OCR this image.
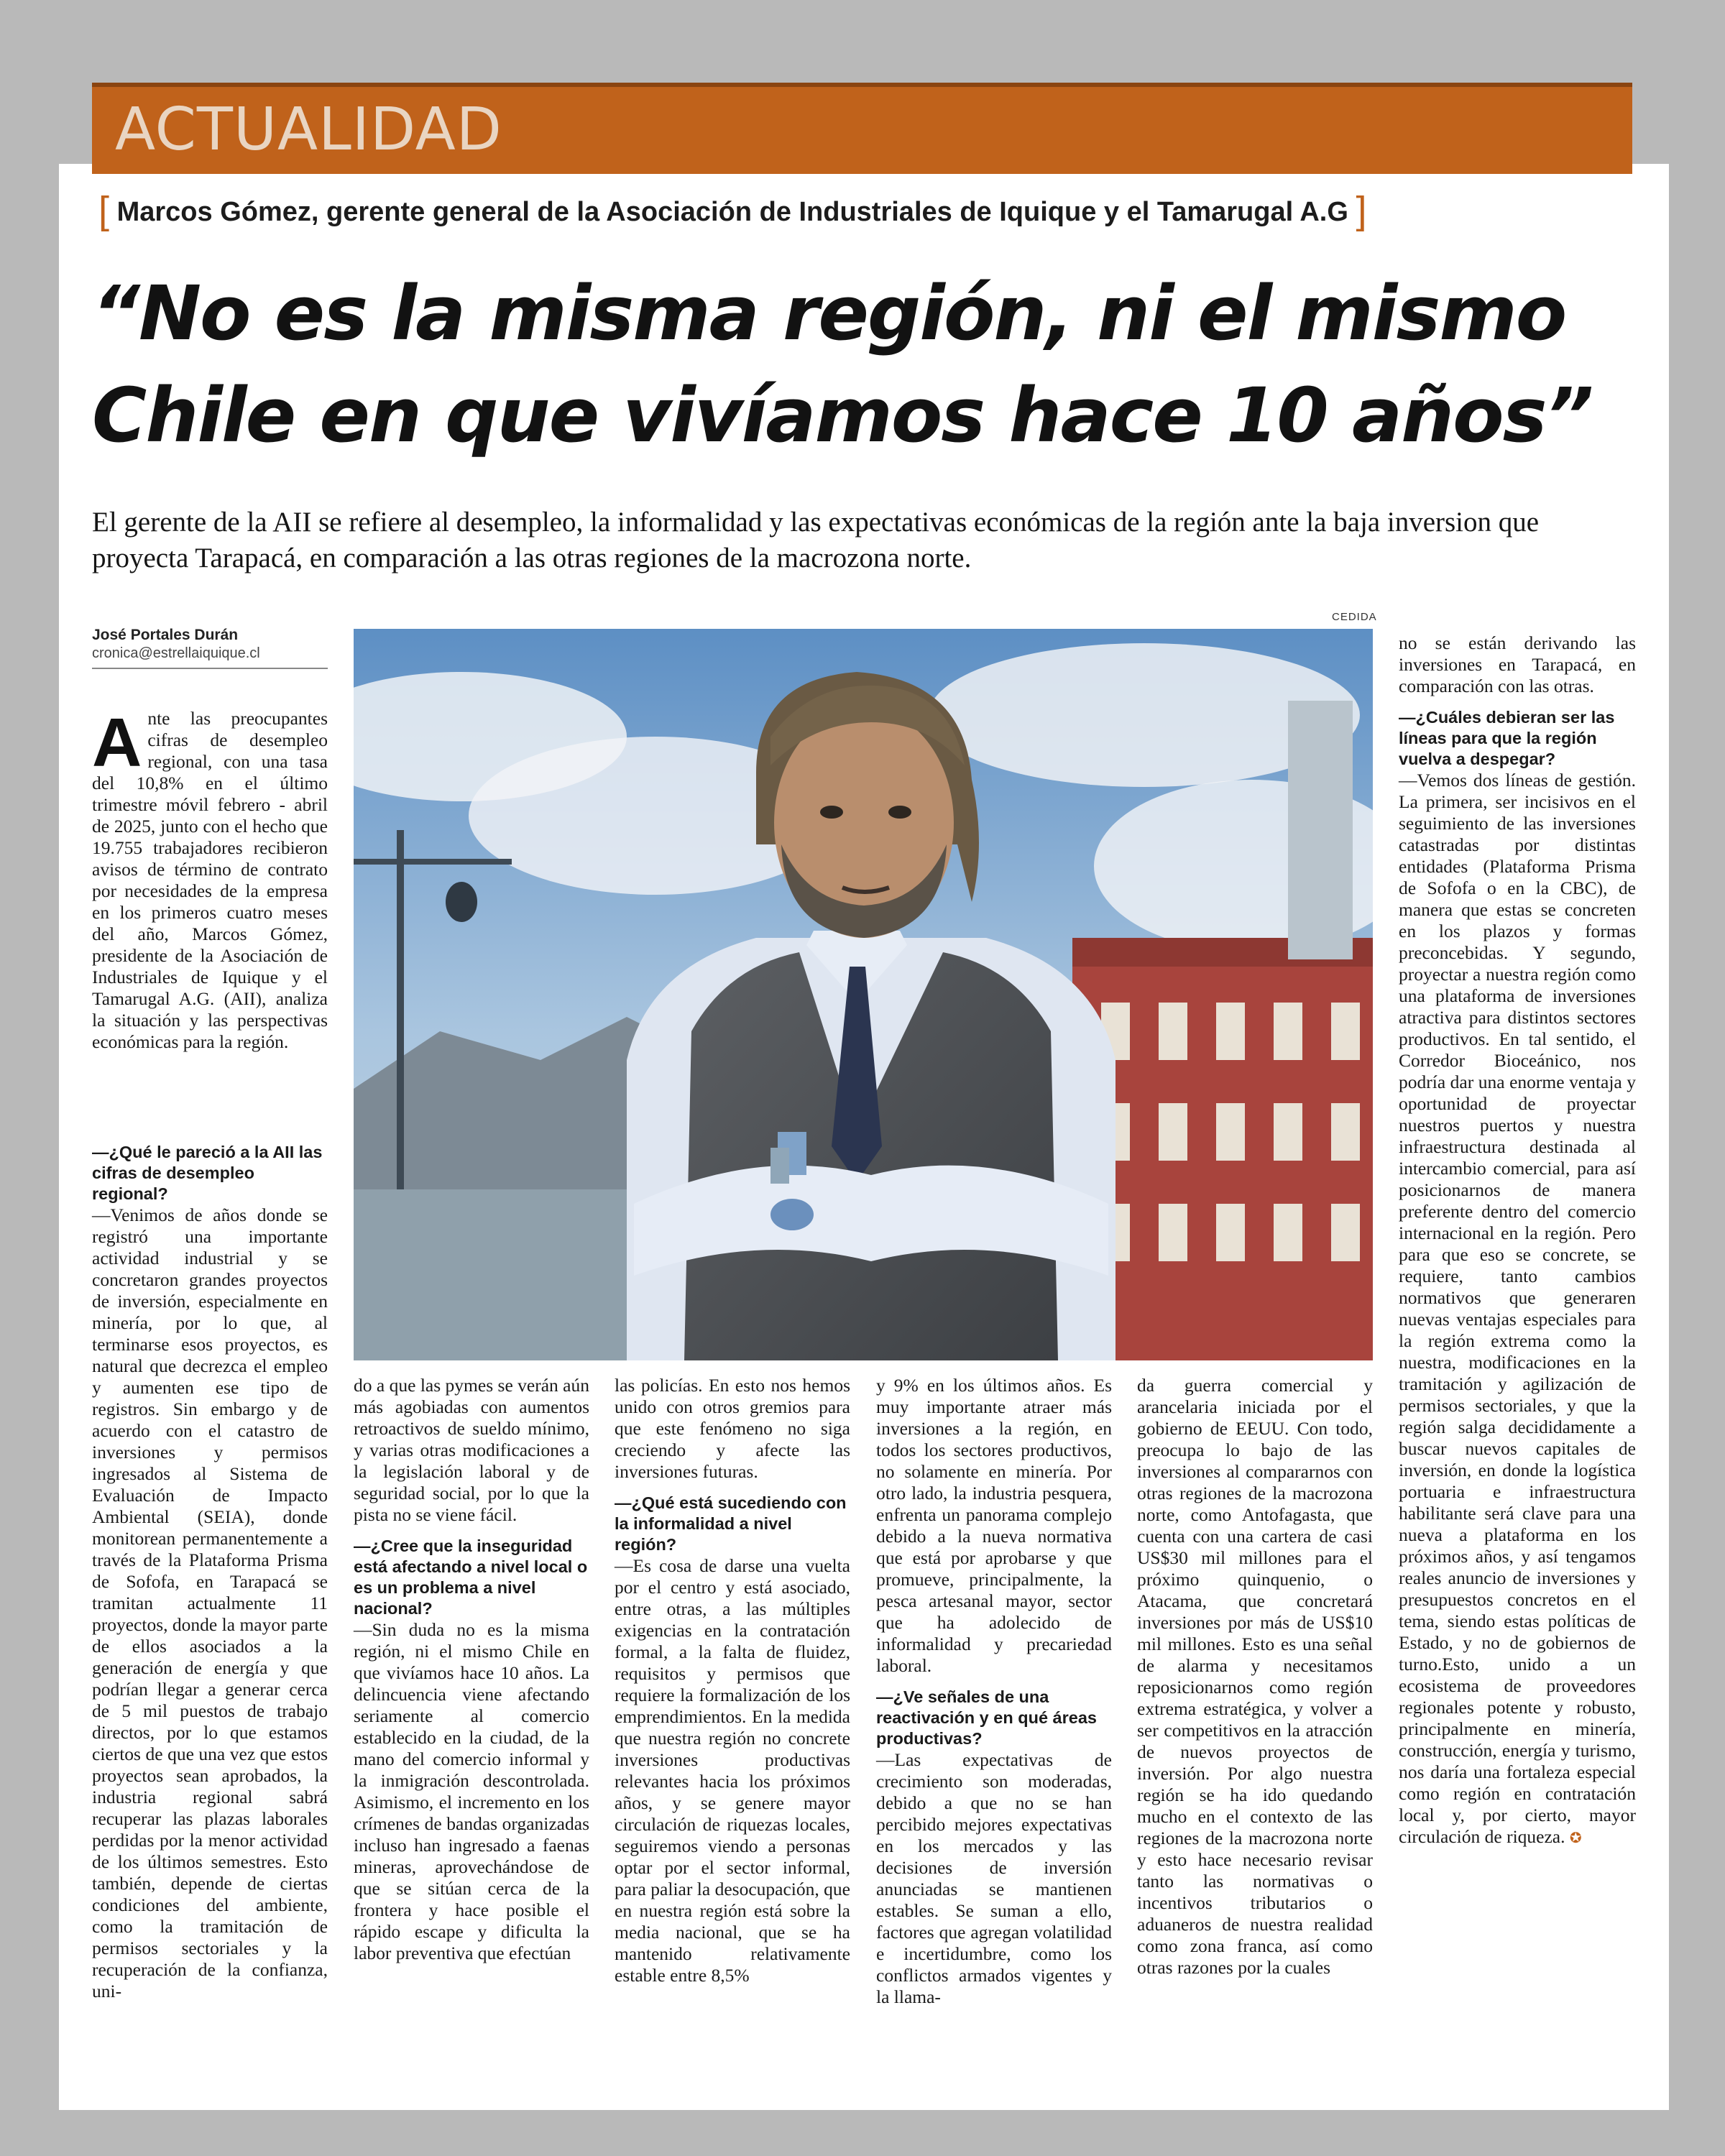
ACTUALIDAD
[ Marcos Gómez, gerente general de la Asociación de Industriales de Iquique y el Tamarugal A.G ]
“No es la misma región, ni el mismo Chile en que vivíamos hace 10 años”
El gerente de la AII se refiere al desempleo, la informalidad y las expectativas económicas de la región ante la baja inversion que proyecta Tarapacá, en comparación a las otras regiones de la macrozona norte.
José Portales Durán
cronica@estrellaiquique.cl
CEDIDA
A nte las preocupantes cifras de desempleo regional, con una tasa del 10,8% en el último trimestre móvil febrero - abril de 2025, junto con el hecho que 19.755 trabajadores recibieron avisos de término de contrato por necesidades de la empresa en los primeros cuatro meses del año, Marcos Gómez, presidente de la Asociación de Industriales de Iquique y el Tamarugal A.G. (AII), analiza la situación y las perspectivas económicas para la región.

—¿Qué le pareció a la AII las cifras de desempleo regional?

—Venimos de años donde se registró una importante actividad industrial y se concretaron grandes proyectos de inversión, especialmente en minería, por lo que, al terminarse esos proyectos, es natural que decrezca el empleo y aumenten ese tipo de registros. Sin embargo y de acuerdo con el catastro de inversiones y permisos ingresados al Sistema de Evaluación de Impacto Ambiental (SEIA), donde monitorean permanentemente a través de la Plataforma Prisma de Sofofa, en Tarapacá se tramitan actualmente 11 proyectos, donde la mayor parte de ellos asociados a la generación de energía y que podrían llegar a generar cerca de 5 mil puestos de trabajo directos, por lo que estamos ciertos de que una vez que estos proyectos sean aprobados, la industria regional sabrá recuperar las plazas laborales perdidas por la menor actividad de los últimos semestres. Esto también, depende de ciertas condiciones del ambiente, como la tramitación de permisos sectoriales y la recuperación de la confianza, uni-

do a que las pymes se verán aún más agobiadas con aumentos retroactivos de sueldo mínimo, y varias otras modificaciones a la legislación laboral y de seguridad social, por lo que la pista no se viene fácil.

—¿Cree que la inseguridad está afectando a nivel local o es un problema a nivel nacional?

—Sin duda no es la misma región, ni el mismo Chile en que vivíamos hace 10 años. La delincuencia viene afectando seriamente al comercio establecido en la ciudad, de la mano del comercio informal y la inmigración descontrolada. Asimismo, el incremento en los crímenes de bandas organizadas incluso han ingresado a faenas mineras, aprovechándose de que se sitúan cerca de la frontera y hace posible el rápido escape y dificulta la labor preventiva que efectúan

las policías. En esto nos hemos unido con otros gremios para que este fenómeno no siga creciendo y afecte las inversiones futuras.

—¿Qué está sucediendo con la informalidad a nivel región?

—Es cosa de darse una vuelta por el centro y está asociado, entre otras, a las múltiples exigencias en la contratación formal, a la falta de fluidez, requisitos y permisos que requiere la formalización de los emprendimientos. En la medida que nuestra región no concrete inversiones productivas relevantes hacia los próximos años, y se genere mayor circulación de riquezas locales, seguiremos viendo a personas optar por el sector informal, para paliar la desocupación, que en nuestra región está sobre la media nacional, que se ha mantenido relativamente estable entre 8,5%

y 9% en los últimos años. Es muy importante atraer más inversiones a la región, en todos los sectores productivos, no solamente en minería. Por otro lado, la industria pesquera, enfrenta un panorama complejo debido a la nueva normativa que está por aprobarse y que promueve, principalmente, la pesca artesanal mayor, sector que ha adolecido de informalidad y precariedad laboral.

—¿Ve señales de una reactivación y en qué áreas productivas?

—Las expectativas de crecimiento son moderadas, debido a que no se han percibido mejores expectativas en los mercados y las decisiones de inversión anunciadas se mantienen estables. Se suman a ello, factores que agregan volatilidad e incertidumbre, como los conflictos armados vigentes y la llama-

da guerra comercial y arancelaria iniciada por el gobierno de EEUU. Con todo, preocupa lo bajo de las inversiones al compararnos con otras regiones de la macrozona norte, como Antofagasta, que cuenta con una cartera de casi US$30 mil millones para el próximo quinquenio, o Atacama, que concretará inversiones por más de US$10 mil millones. Esto es una señal de alarma y necesitamos reposicionarnos como región extrema estratégica, y volver a ser competitivos en la atracción de nuevos proyectos de inversión. Por algo nuestra región se ha ido quedando mucho en el contexto de las regiones de la macrozona norte y esto hace necesario revisar tanto las normativas o incentivos tributarios o aduaneros de nuestra realidad como zona franca, así como otras razones por la cuales

no se están derivando las inversiones en Tarapacá, en comparación con las otras.

—¿Cuáles debieran ser las líneas para que la región vuelva a despegar?

—Vemos dos líneas de gestión. La primera, ser incisivos en el seguimiento de las inversiones catastradas por distintas entidades (Plataforma Prisma de Sofofa o en la CBC), de manera que estas se concreten en los plazos y formas preconcebidas. Y segundo, proyectar a nuestra región como una plataforma de inversiones atractiva para distintos sectores productivos. En tal sentido, el Corredor Bioceánico, nos podría dar una enorme ventaja y oportunidad de proyectar nuestros puertos y nuestra infraestructura destinada al intercambio comercial, para así posicionarnos de manera preferente dentro del comercio internacional en la región. Pero para que eso se concrete, se requiere, tanto cambios normativos que generaren nuevas ventajas especiales para la región extrema como la nuestra, modificaciones en la tramitación y agilización de permisos sectoriales, y que la región salga decididamente a buscar nuevos capitales de inversión, en donde la logística portuaria e infraestructura habilitante será clave para una nueva a plataforma en los próximos años, y así tengamos reales anuncio de inversiones y presupuestos concretos en el tema, siendo estas políticas de Estado, y no de gobiernos de turno.Esto, unido a un ecosistema de proveedores regionales potente y robusto, principalmente en minería, construcción, energía y turismo, nos daría una fortaleza especial como región en contratación local y, por cierto, mayor circulación de riqueza. ✪
